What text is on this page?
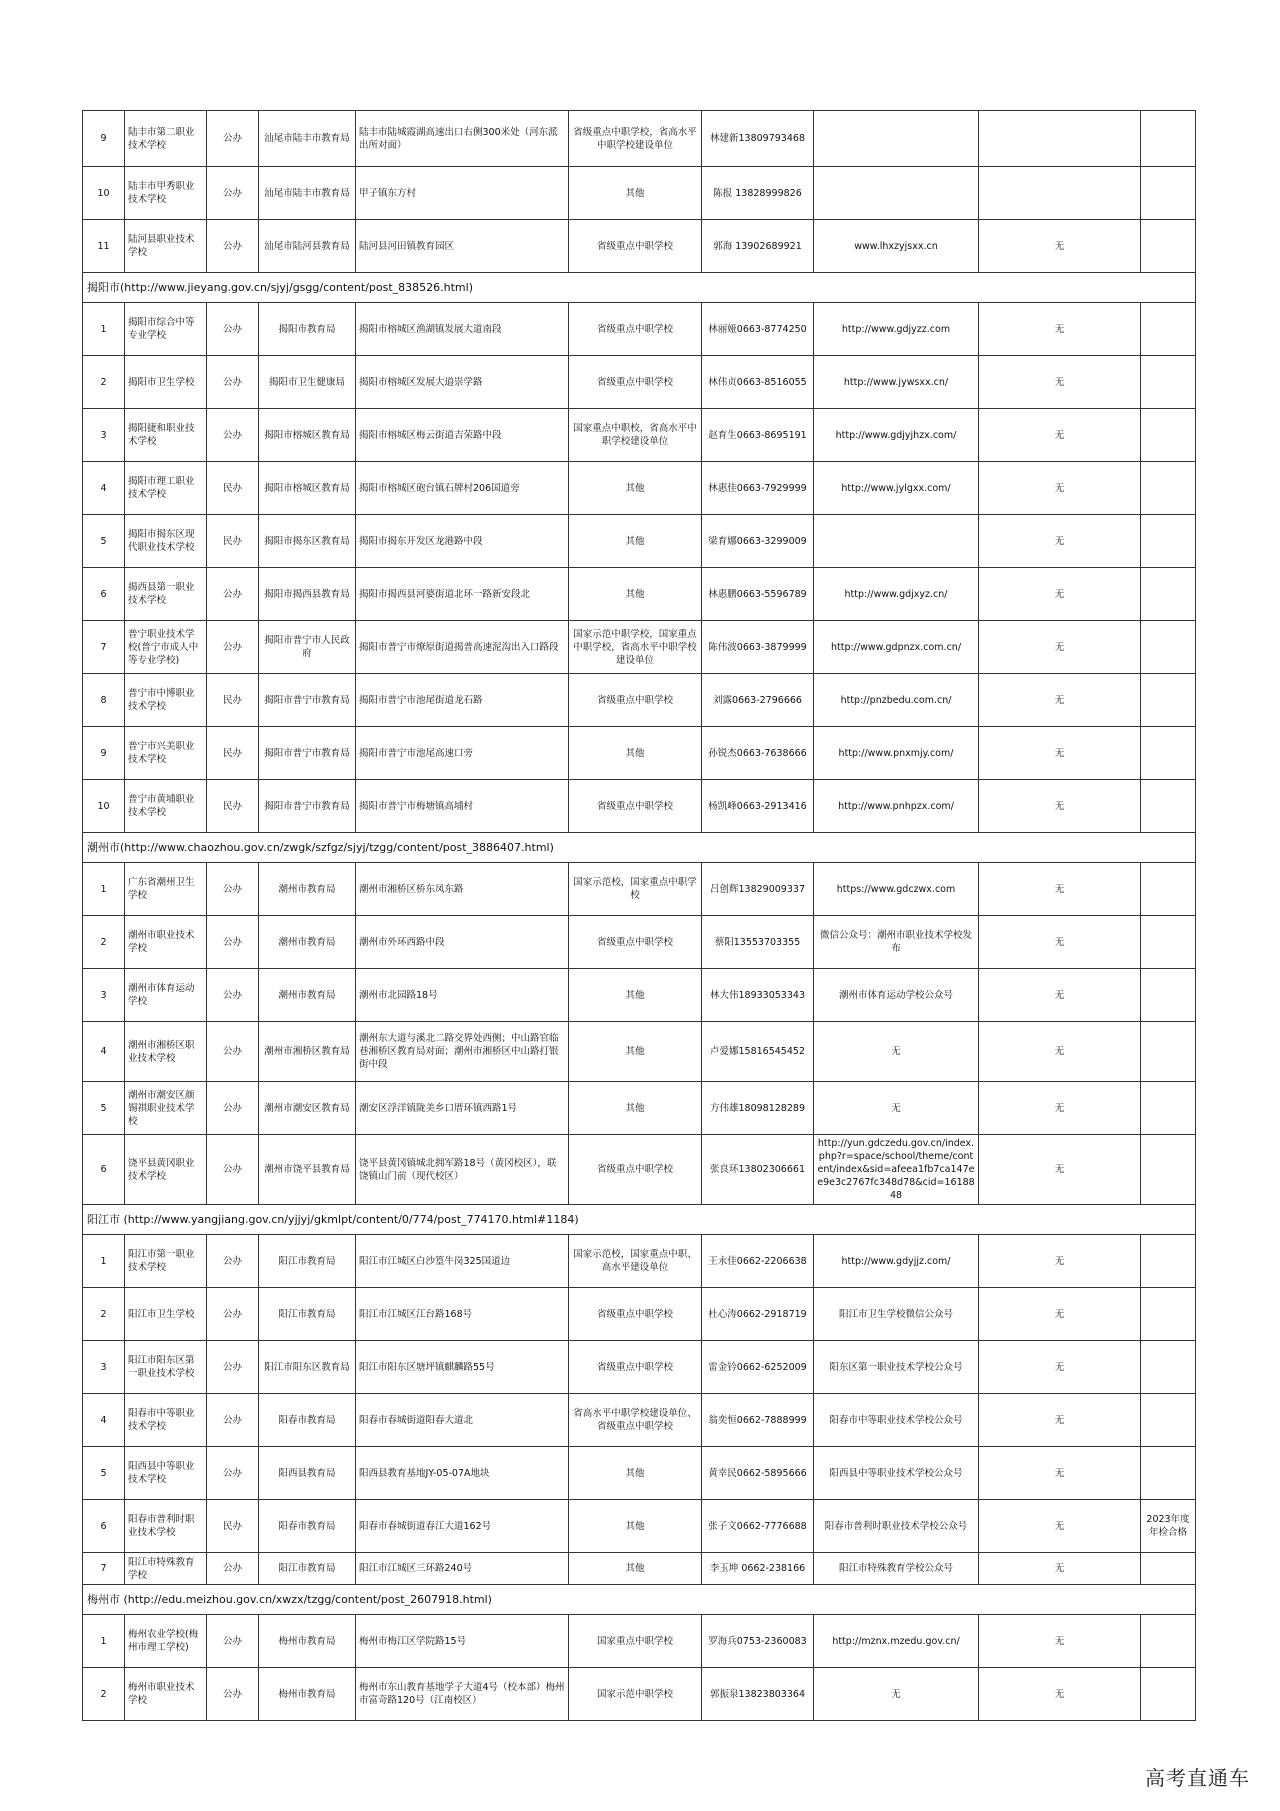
9	陆丰市第二职业技术学校	公办	汕尾市陆丰市教育局	陆丰市陆城霞湖高速出口右侧300米处（河东派出所对面）	省级重点中职学校，省高水平中职学校建设单位	林建新13809793468			
10	陆丰市甲秀职业技术学校	公办	汕尾市陆丰市教育局	甲子镇东方村	其他	陈报 13828999826			
11	陆河县职业技术学校	公办	汕尾市陆河县教育局	陆河县河田镇教育园区	省级重点中职学校	郭海 13902689921	www.lhxzyjsxx.cn	无	
揭阳市(http://www.jieyang.gov.cn/sjyj/gsgg/content/post_838526.html)									
1	揭阳市综合中等专业学校	公办	揭阳市教育局	揭阳市榕城区渔湖镇发展大道南段	省级重点中职学校	林丽娅0663-8774250	http://www.gdjyzz.com	无	
2	揭阳市卫生学校	公办	揭阳市卫生健康局	揭阳市榕城区发展大道崇学路	省级重点中职学校	林伟贞0663-8516055	http://www.jywsxx.cn/	无	
3	揭阳捷和职业技术学校	公办	揭阳市榕城区教育局	揭阳市榕城区梅云街道吉荣路中段	国家重点中职校，省高水平中职学校建设单位	赵育生0663-8695191	http://www.gdjyjhzx.com/	无	
4	揭阳市理工职业技术学校	民办	揭阳市榕城区教育局	揭阳市榕城区砲台镇石牌村206国道旁	其他	林惠佳0663-7929999	http://www.jylgxx.com/	无	
5	揭阳市揭东区现代职业技术学校	民办	揭阳市揭东区教育局	揭阳市揭东开发区龙港路中段	其他	梁育娜0663-3299009		无	
6	揭西县第一职业技术学校	公办	揭阳市揭西县教育局	揭阳市揭西县河婆街道北环一路新安段北	其他	林惠鹏0663-5596789	http://www.gdjxyz.cn/	无	
7	普宁职业技术学校(普宁市成人中等专业学校)	公办	揭阳市普宁市人民政府	揭阳市普宁市燎原街道揭普高速泥沟出入口路段	国家示范中职学校，国家重点中职学校，省高水平中职学校建设单位	陈伟波0663-3879999	http://www.gdpnzx.com.cn/	无	
8	普宁市中博职业技术学校	民办	揭阳市普宁市教育局	揭阳市普宁市池尾街道龙石路	省级重点中职学校	刘露0663-2796666	http://pnzbedu.com.cn/	无	
9	普宁市兴美职业技术学校	民办	揭阳市普宁市教育局	揭阳市普宁市池尾高速口旁	其他	孙锐杰0663-7638666	http://www.pnxmjy.com/	无	
10	普宁市黄埔职业技术学校	民办	揭阳市普宁市教育局	揭阳市普宁市梅塘镇高埔村	省级重点中职学校	杨凯峰0663-2913416	http://www.pnhpzx.com/	无	
潮州市(http://www.chaozhou.gov.cn/zwgk/szfgz/sjyj/tzgg/content/post_3886407.html)									
1	广东省潮州卫生学校	公办	潮州市教育局	潮州市湘桥区桥东凤东路	国家示范校，国家重点中职学校	吕创辉13829009337	https://www.gdczwx.com	无	
2	潮州市职业技术学校	公办	潮州市教育局	潮州市外环西路中段	省级重点中职学校	蔡阳13553703355	微信公众号：潮州市职业技术学校发布	无	
3	潮州市体育运动学校	公办	潮州市教育局	潮州市北园路18号	其他	林大伟18933053343	潮州市体育运动学校公众号	无	
4	潮州市湘桥区职业技术学校	公办	潮州市湘桥区教育局	潮州东大道与溪北二路交界处西侧；中山路官临巷湘桥区教育局对面；潮州市湘桥区中山路打银街中段	其他	卢爱娜15816545452	无	无	
5	潮州市潮安区颜锡祺职业技术学校	公办	潮州市潮安区教育局	潮安区浮洋镇陇美乡口厝环镇西路1号	其他	方伟雄18098128289	无	无	
6	饶平县黄冈职业技术学校	公办	潮州市饶平县教育局	饶平县黄冈镇城北拥军路18号（黄冈校区），联饶镇山门前（现代校区）	省级重点中职学校	张良环13802306661	http://yun.gdczedu.gov.cn/index.php?r=space/school/theme/content/index&sid=afeea1fb7ca147ee9e3c2767fc348d78&cid=1618848	无	
阳江市 (http://www.yangjiang.gov.cn/yjjyj/gkmlpt/content/0/774/post_774170.html#1184)									
1	阳江市第一职业技术学校	公办	阳江市教育局	阳江市江城区白沙篁牛岗325国道边	国家示范校，国家重点中职、高水平建设单位	王永佳0662-2206638	http://www.gdyjjz.com/	无	
2	阳江市卫生学校	公办	阳江市教育局	阳江市江城区江台路168号	省级重点中职学校	杜心涛0662-2918719	阳江市卫生学校微信公众号	无	
3	阳江市阳东区第一职业技术学校	公办	阳江市阳东区教育局	阳江市阳东区塘坪镇麒麟路55号	省级重点中职学校	雷金钤0662-6252009	阳东区第一职业技术学校公众号	无	
4	阳春市中等职业技术学校	公办	阳春市教育局	阳春市春城街道阳春大道北	省高水平中职学校建设单位、省级重点中职学校	翁奕恒0662-7888999	阳春市中等职业技术学校公众号	无	
5	阳西县中等职业技术学校	公办	阳西县教育局	阳西县教育基地JY-05-07A地块	其他	黄幸民0662-5895666	阳西县中等职业技术学校公众号	无	
6	阳春市普利时职业技术学校	民办	阳春市教育局	阳春市春城街道春江大道162号	其他	张子文0662-7776688	阳春市普利时职业技术学校公众号	无	2023年度年检合格
7	阳江市特殊教育学校	公办	阳江市教育局	阳江市江城区三环路240号	其他	李玉坤 0662-238166	阳江市特殊教育学校公众号	无	
梅州市 (http://edu.meizhou.gov.cn/xwzx/tzgg/content/post_2607918.html)									
1	梅州农业学校(梅州市理工学校)	公办	梅州市教育局	梅州市梅江区学院路15号	国家重点中职学校	罗海兵0753-2360083	http://mznx.mzedu.gov.cn/	无	
2	梅州市职业技术学校	公办	梅州市教育局	梅州市东山教育基地学子大道4号（校本部）梅州市富奇路120号（江南校区）	国家示范中职学校	郭振泉13823803364	无	无	
高考直通车
